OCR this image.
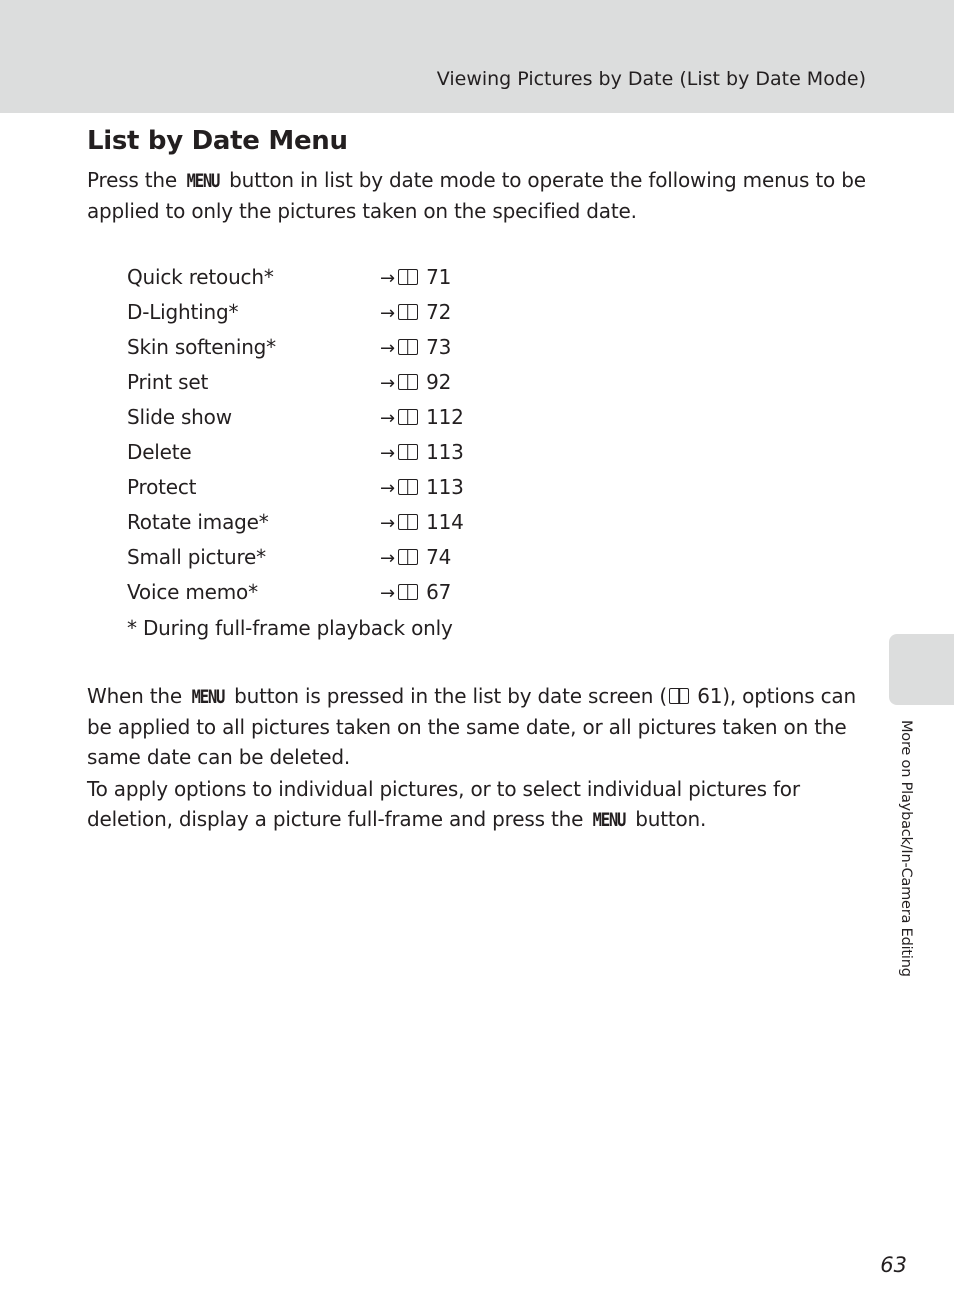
Viewing Pictures by Date (List by Date Mode)
List by Date Menu

Press the MENU button in list by date mode to operate the following menus to be applied to only the pictures taken on the specified date.

Quick retouch*	→ 71
D-Lighting*	→ 72
Skin softening*	→ 73
Print set	→ 92
Slide show	→ 112
Delete	→ 113
Protect	→ 113
Rotate image*	→ 114
Small picture*	→ 74
Voice memo*	→ 67
* During full-frame playback only

When the MENU button is pressed in the list by date screen ( 61), options can be applied to all pictures taken on the same date, or all pictures taken on the same date can be deleted.

To apply options to individual pictures, or to select individual pictures for deletion, display a picture full-frame and press the MENU button.	More on Playback/In-Camera Editing
63
